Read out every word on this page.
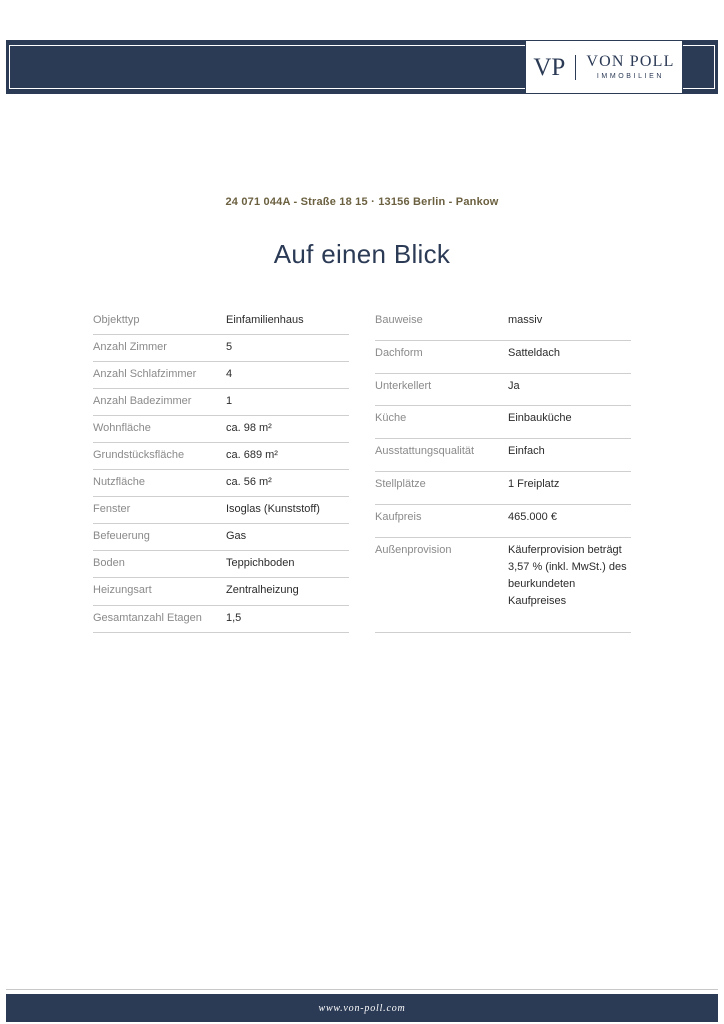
VP	VON POLL
IMMOBILIEN
24 071 044A - Straße 18 15 · 13156 Berlin - Pankow
Auf einen Blick
Objekttyp	Einfamilienhaus
Anzahl Zimmer	5
Anzahl Schlafzimmer	4
Anzahl Badezimmer	1
Wohnfläche	ca. 98 m²
Grundstücksfläche	ca. 689 m²
Nutzfläche	ca. 56 m²
Fenster	Isoglas (Kunststoff)
Befeuerung	Gas
Boden	Teppichboden
Heizungsart	Zentralheizung
Gesamtanzahl Etagen	1,5
Bauweise	massiv
Dachform	Satteldach
Unterkellert	Ja
Küche	Einbauküche
Ausstattungsqualität	Einfach
Stellplätze	1 Freiplatz
Kaufpreis	465.000 €
Außenprovision	Käuferprovision beträgt 3,57 % (inkl. MwSt.) des beurkundeten Kaufpreises
www.von-poll.com
